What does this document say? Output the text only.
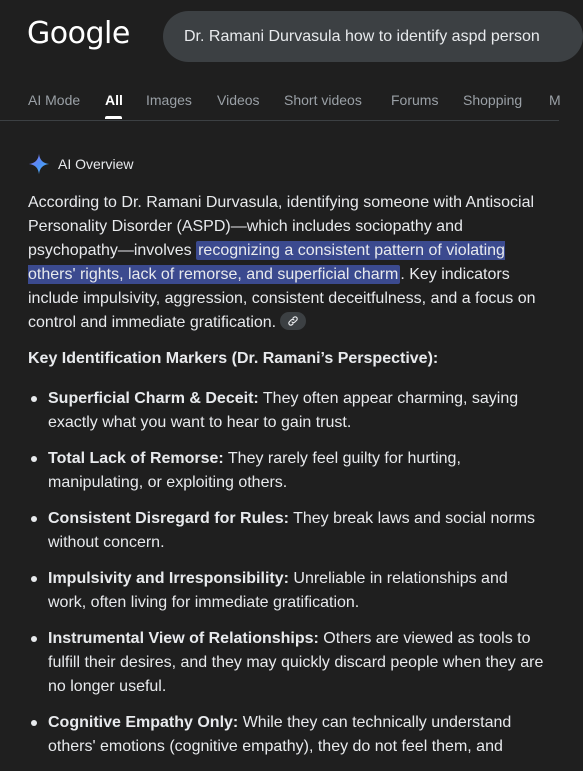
Google	Dr. Ramani Durvasula how to identify aspd person
AI Mode All Images Videos Short videos Forums Shopping M
AI Overview

According to Dr. Ramani Durvasula, identifying someone with Antisocial Personality Disorder (ASPD)—which includes sociopathy and psychopathy—involves recognizing a consistent pattern of violating others' rights, lack of remorse, and superficial charm . Key indicators include impulsivity, aggression, consistent deceitfulness, and a focus on control and immediate gratification.

Key Identification Markers (Dr. Ramani’s Perspective):

Superficial Charm & Deceit: They often appear charming, saying exactly what you want to hear to gain trust.
Total Lack of Remorse: They rarely feel guilty for hurting, manipulating, or exploiting others.
Consistent Disregard for Rules: They break laws and social norms without concern.
Impulsivity and Irresponsibility: Unreliable in relationships and work, often living for immediate gratification.
Instrumental View of Relationships: Others are viewed as tools to fulfill their desires, and they may quickly discard people when they are no longer useful.
Cognitive Empathy Only: While they can technically understand others' emotions (cognitive empathy), they do not feel them, and
